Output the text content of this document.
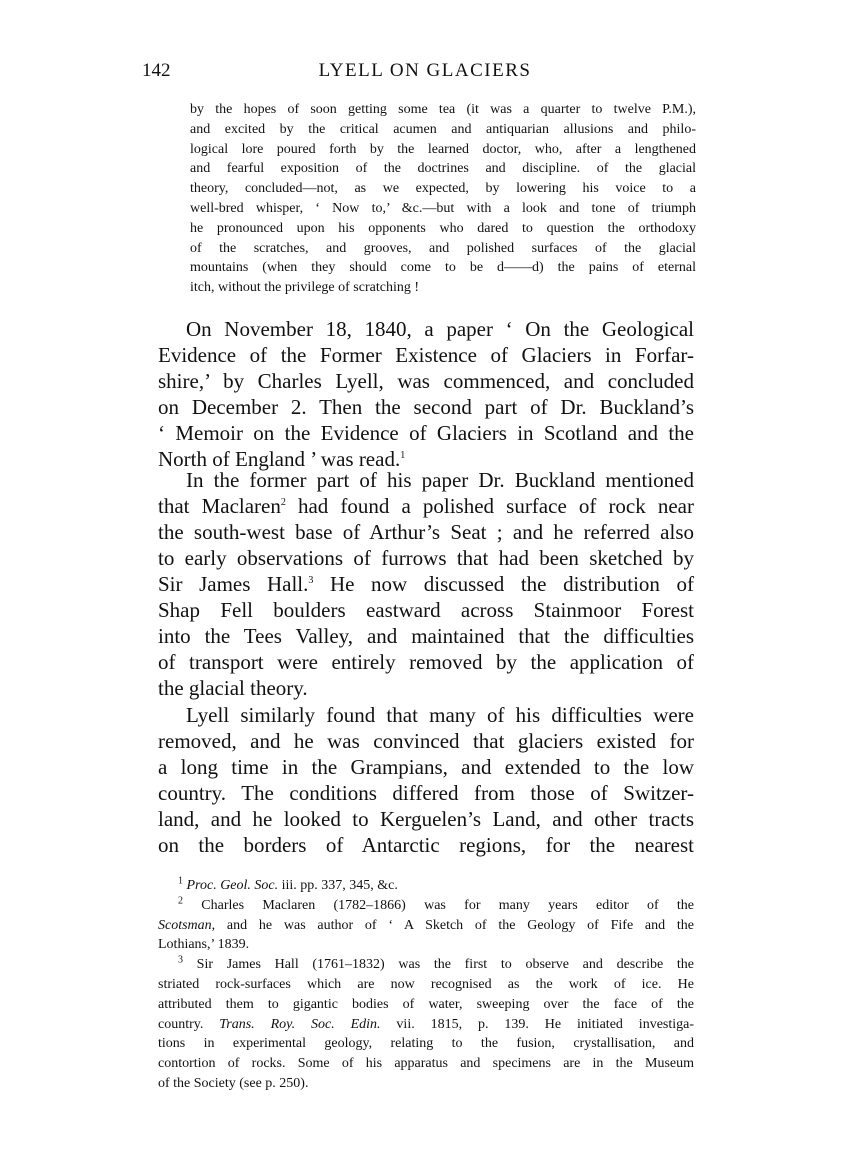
142	LYELL ON GLACIERS
by the hopes of soon getting some tea (it was a quarter to twelve P.M.),
and excited by the critical acumen and antiquarian allusions and philo-
logical lore poured forth by the learned doctor, who, after a lengthened
and fearful exposition of the doctrines and discipline. of the glacial
theory, concluded—not, as we expected, by lowering his voice to a
well-bred whisper, ‘ Now to,’ &c.—but with a look and tone of triumph
he pronounced upon his opponents who dared to question the orthodoxy
of the scratches, and grooves, and polished surfaces of the glacial
mountains (when they should come to be d——d) the pains of eternal
itch, without the privilege of scratching !
On November 18, 1840, a paper ‘ On the Geological
Evidence of the Former Existence of Glaciers in Forfar-
shire,’ by Charles Lyell, was commenced, and concluded
on December 2. Then the second part of Dr. Buckland’s
‘ Memoir on the Evidence of Glaciers in Scotland and the
North of England ’ was read.$^1$
In the former part of his paper Dr. Buckland mentioned
that Maclaren$^2$ had found a polished surface of rock near
the south-west base of Arthur’s Seat ; and he referred also
to early observations of furrows that had been sketched by
Sir James Hall.$^3$ He now discussed the distribution of
Shap Fell boulders eastward across Stainmoor Forest
into the Tees Valley, and maintained that the difficulties
of transport were entirely removed by the application of
the glacial theory.
Lyell similarly found that many of his difficulties were
removed, and he was convinced that glaciers existed for
a long time in the Grampians, and extended to the low
country. The conditions differed from those of Switzer-
land, and he looked to Kerguelen’s Land, and other tracts
on the borders of Antarctic regions, for the nearest
$^1$ Proc. Geol. Soc. iii. pp. 337, 345, &c.
$^2$ Charles Maclaren (1782–1866) was for many years editor of the
Scotsman, and he was author of ‘ A Sketch of the Geology of Fife and the
Lothians,’ 1839.
$^3$ Sir James Hall (1761–1832) was the first to observe and describe the
striated rock-surfaces which are now recognised as the work of ice. He
attributed them to gigantic bodies of water, sweeping over the face of the
country. Trans. Roy. Soc. Edin. vii. 1815, p. 139. He initiated investiga-
tions in experimental geology, relating to the fusion, crystallisation, and
contortion of rocks. Some of his apparatus and specimens are in the Museum
of the Society (see p. 250).
